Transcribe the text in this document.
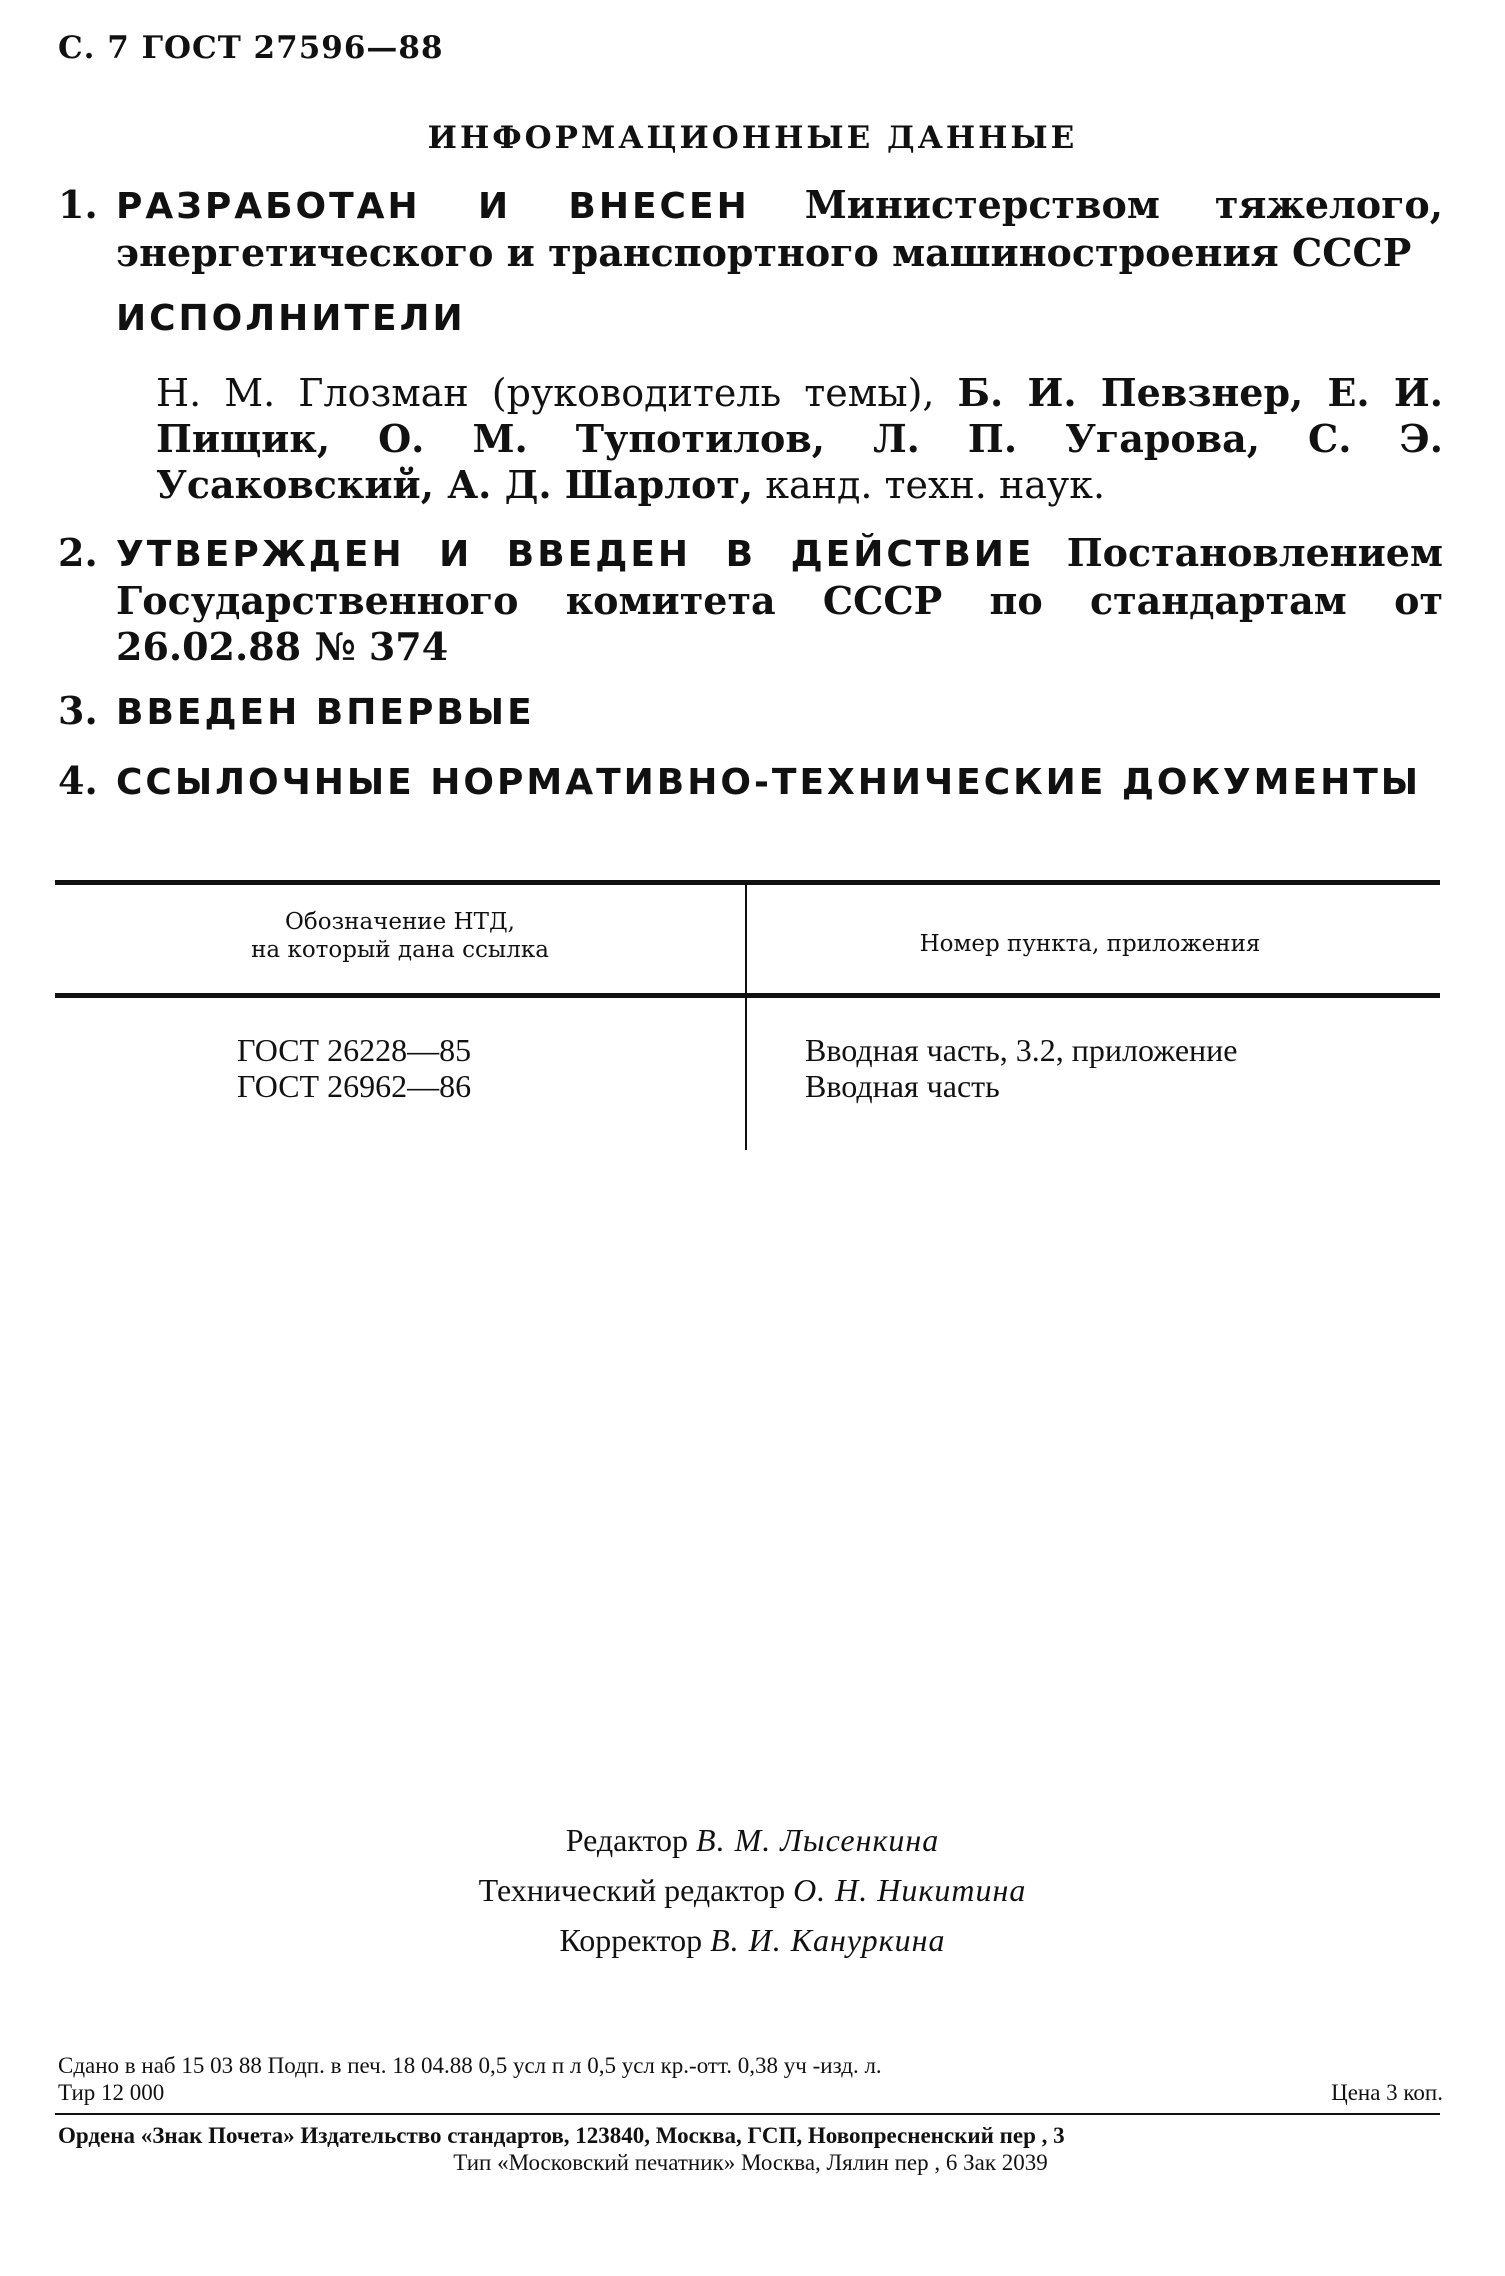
С. 7 ГОСТ 27596—88
ИНФОРМАЦИОННЫЕ ДАННЫЕ
1. РАЗРАБОТАН И ВНЕСЕН Министерством тяжелого, энергетического и транспортного машиностроения СССР
ИСПОЛНИТЕЛИ
Н. М. Глозман (руководитель темы), Б. И. Певзнер, Е. И. Пищик, О. М. Тупотилов, Л. П. Угарова, С. Э. Усаковский, А. Д. Шарлот, канд. техн. наук.
2. УТВЕРЖДЕН И ВВЕДЕН В ДЕЙСТВИЕ Постановлением Государственного комитета СССР по стандартам от 26.02.88 № 374
3. ВВЕДЕН ВПЕРВЫЕ
4. ССЫЛОЧНЫЕ НОРМАТИВНО-ТЕХНИЧЕСКИЕ ДОКУМЕНТЫ
Обозначение НТД,
на который дана ссылка	Номер пункта, приложения
ГОСТ 26228—85	Вводная часть, 3.2, приложение
ГОСТ 26962—86	Вводная часть
Редактор В. М. Лысенкина
Технический редактор О. Н. Никитина
Корректор В. И. Кануркина
Сдано в наб 15 03 88 Подп. в печ. 18 04.88 0,5 усл п л 0,5 усл кр.-отт. 0,38 уч -изд. л.
Тир 12 000	Цена 3 коп.
Ордена «Знак Почета» Издательство стандартов, 123840, Москва, ГСП, Новопресненский пер , 3
Тип «Московский печатник» Москва, Лялин пер , 6 Зак 2039
